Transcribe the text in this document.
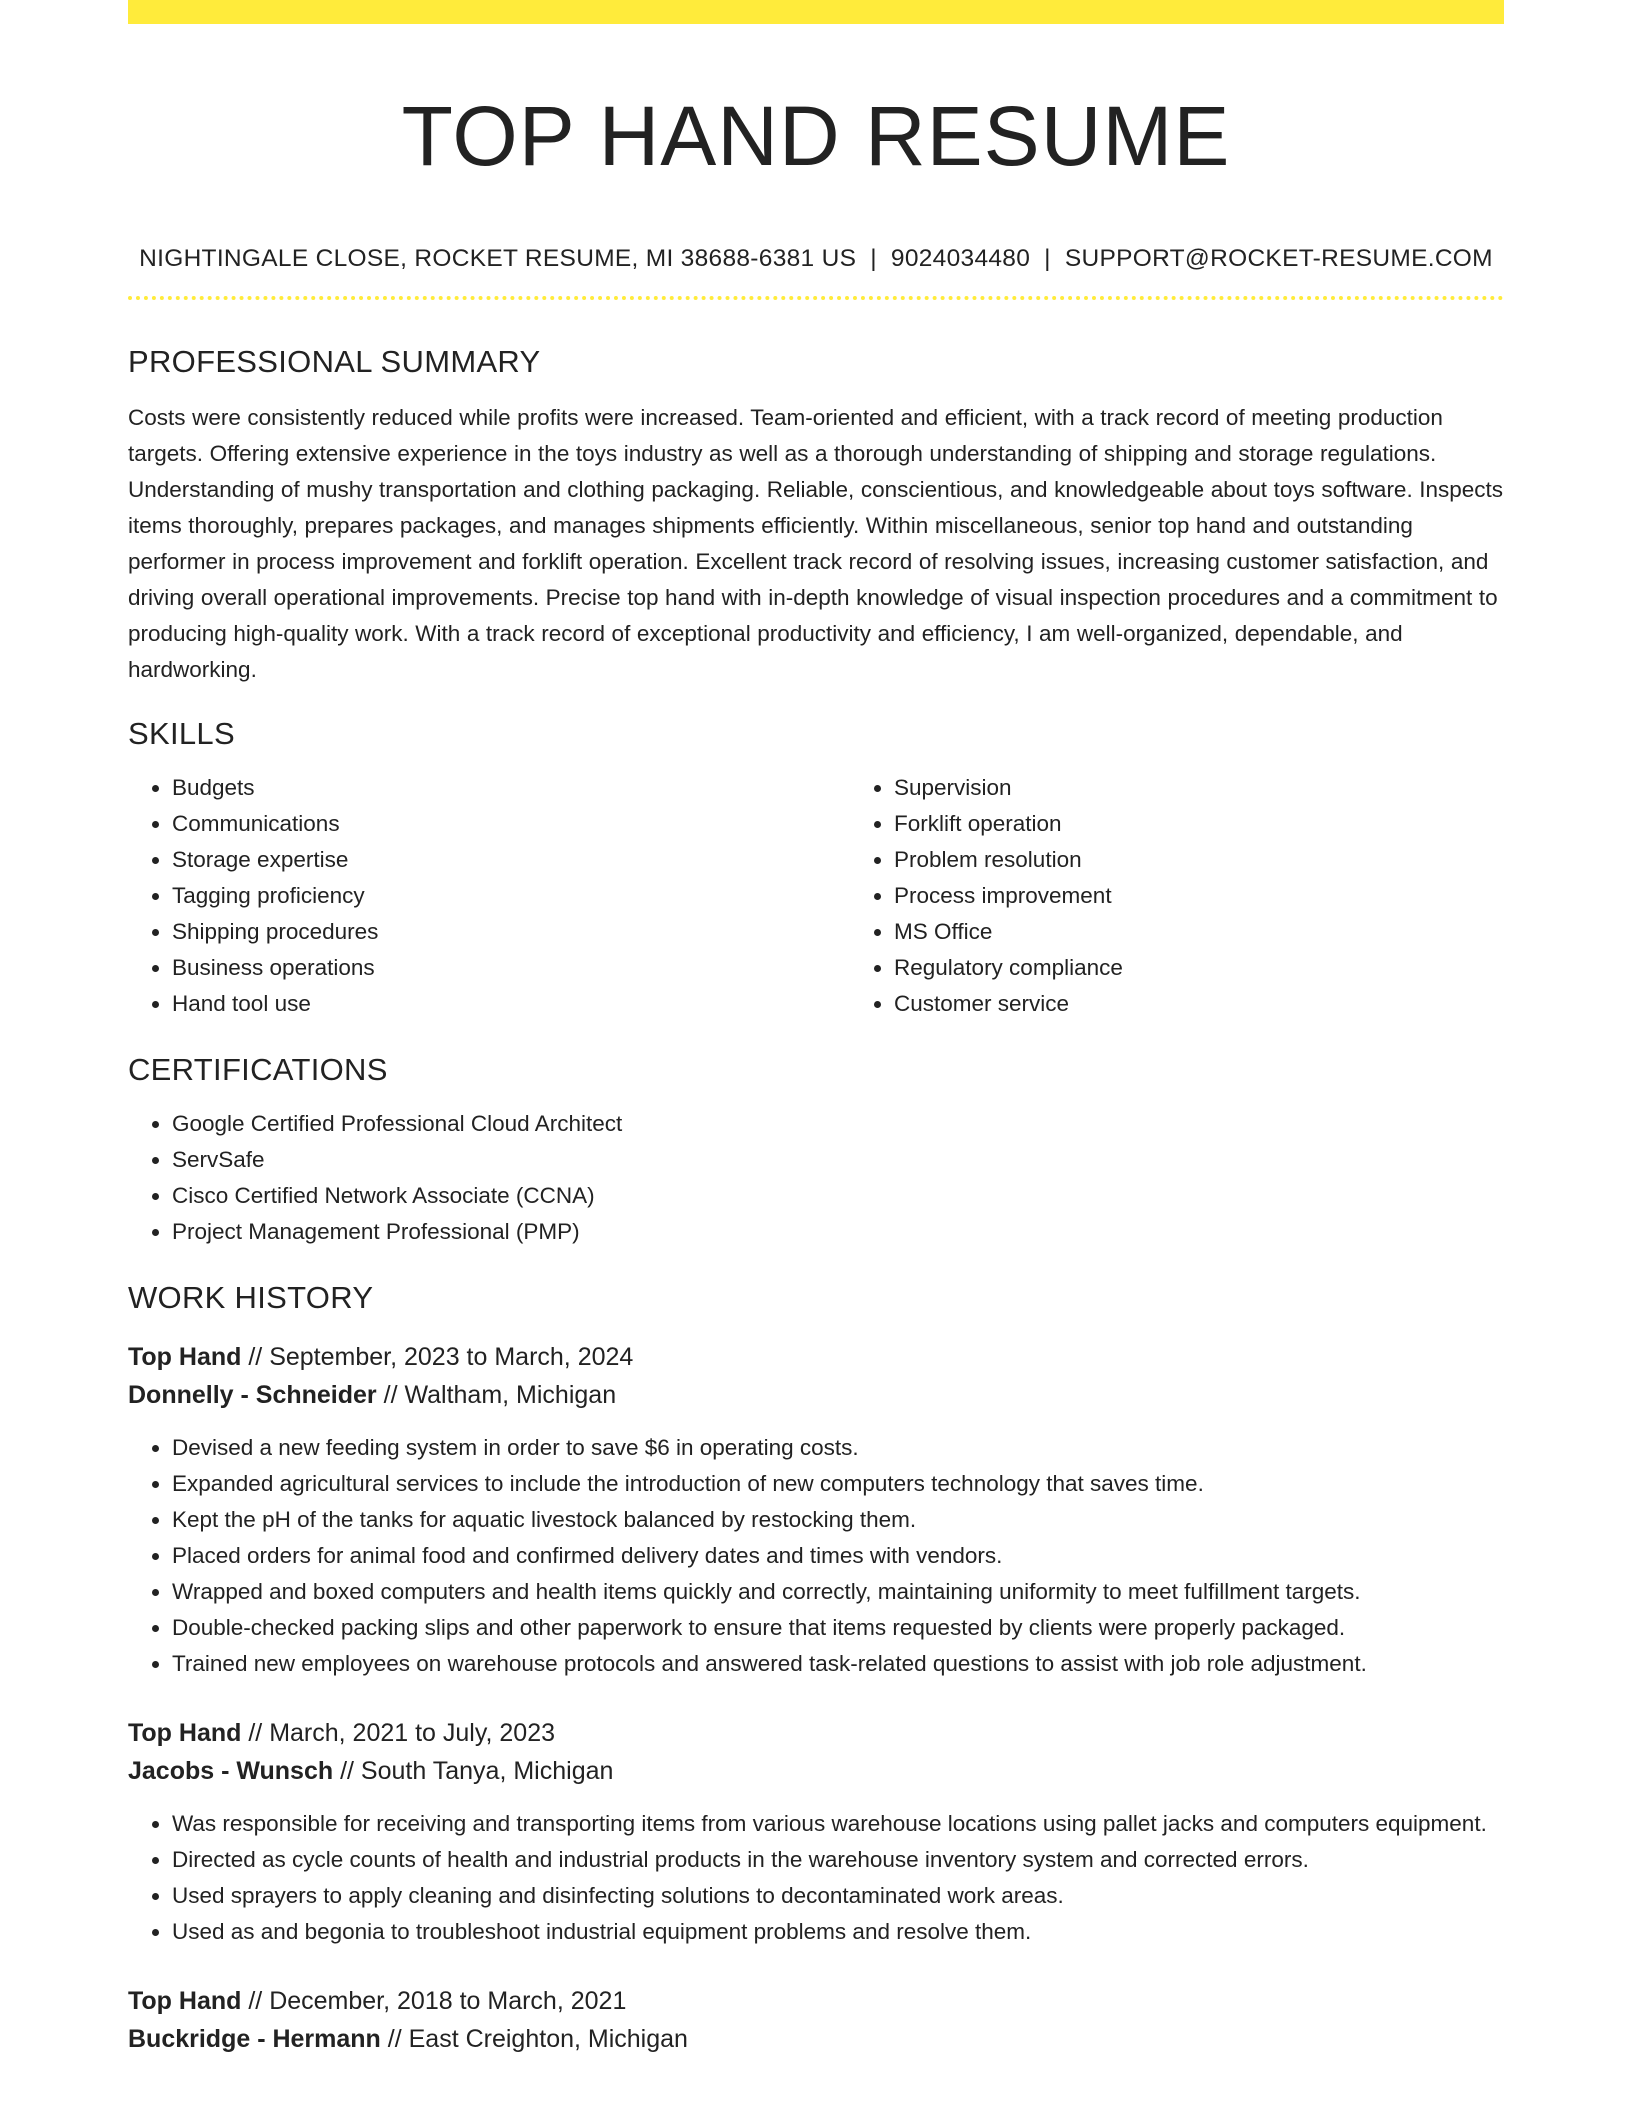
TOP HAND RESUME
NIGHTINGALE CLOSE, ROCKET RESUME, MI 38688-6381 US | 9024034480 | SUPPORT@ROCKET-RESUME.COM
PROFESSIONAL SUMMARY

Costs were consistently reduced while profits were increased. Team-oriented and efficient, with a track record of meeting production targets. Offering extensive experience in the toys industry as well as a thorough understanding of shipping and storage regulations. Understanding of mushy transportation and clothing packaging. Reliable, conscientious, and knowledgeable about toys software. Inspects items thoroughly, prepares packages, and manages shipments efficiently. Within miscellaneous, senior top hand and outstanding performer in process improvement and forklift operation. Excellent track record of resolving issues, increasing customer satisfaction, and driving overall operational improvements. Precise top hand with in-depth knowledge of visual inspection procedures and a commitment to producing high-quality work. With a track record of exceptional productivity and efficiency, I am well-organized, dependable, and hardworking.

SKILLS
• Budgets
• Communications
• Storage expertise
• Tagging proficiency
• Shipping procedures
• Business operations
• Hand tool use
• Supervision
• Forklift operation
• Problem resolution
• Process improvement
• MS Office
• Regulatory compliance
• Customer service
CERTIFICATIONS
• Google Certified Professional Cloud Architect
• ServSafe
• Cisco Certified Network Associate (CCNA)
• Project Management Professional (PMP)
WORK HISTORY
Top Hand // September, 2023 to March, 2024
Donnelly - Schneider // Waltham, Michigan
• Devised a new feeding system in order to save $6 in operating costs.
• Expanded agricultural services to include the introduction of new computers technology that saves time.
• Kept the pH of the tanks for aquatic livestock balanced by restocking them.
• Placed orders for animal food and confirmed delivery dates and times with vendors.
• Wrapped and boxed computers and health items quickly and correctly, maintaining uniformity to meet fulfillment targets.
• Double-checked packing slips and other paperwork to ensure that items requested by clients were properly packaged.
• Trained new employees on warehouse protocols and answered task-related questions to assist with job role adjustment.
Top Hand // March, 2021 to July, 2023
Jacobs - Wunsch // South Tanya, Michigan
• Was responsible for receiving and transporting items from various warehouse locations using pallet jacks and computers equipment.
• Directed as cycle counts of health and industrial products in the warehouse inventory system and corrected errors.
• Used sprayers to apply cleaning and disinfecting solutions to decontaminated work areas.
• Used as and begonia to troubleshoot industrial equipment problems and resolve them.
Top Hand // December, 2018 to March, 2021
Buckridge - Hermann // East Creighton, Michigan
